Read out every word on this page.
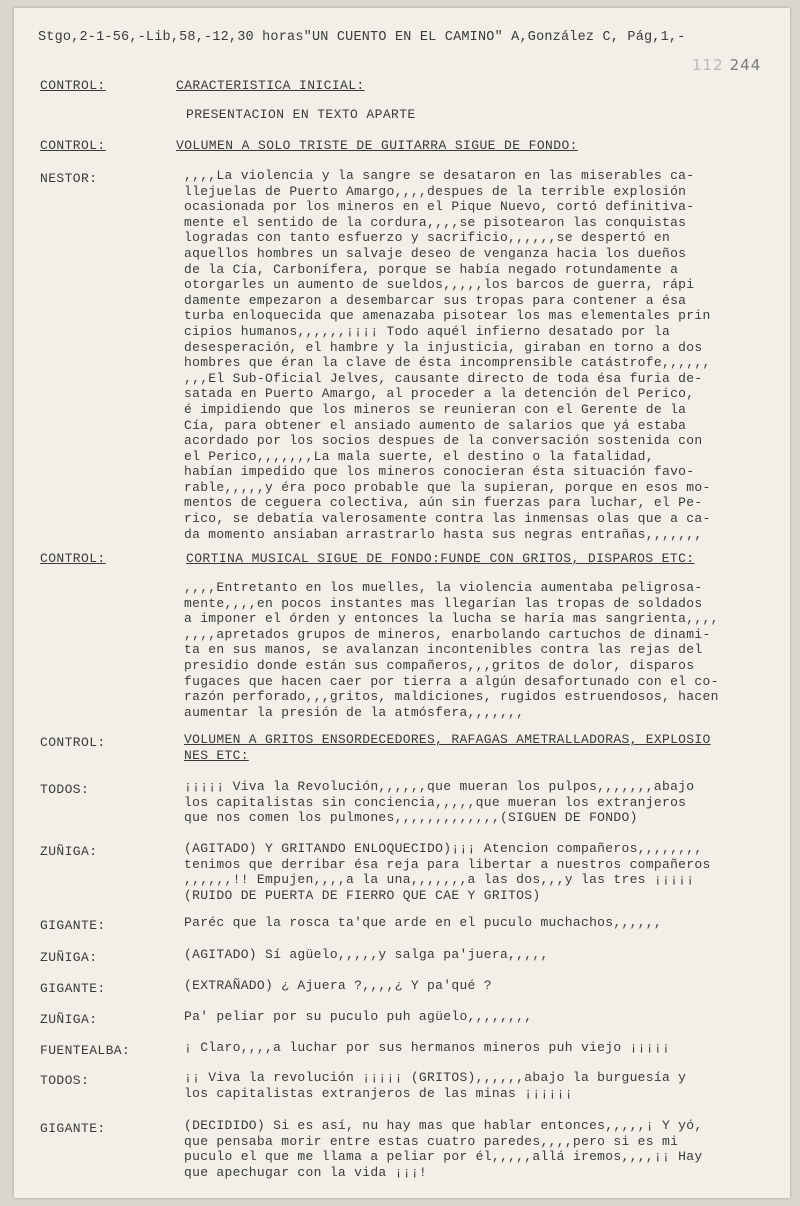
Stgo,2-1-56,-Lib,58,-12,30 horas"UN CUENTO EN EL CAMINO" A,González C, Pág,1,-
112 244
CONTROL:	CARACTERISTICA INICIAL:
PRESENTACION EN TEXTO APARTE
CONTROL:	VOLUMEN A SOLO TRISTE DE GUITARRA SIGUE DE FONDO:
NESTOR:	,,,,La violencia y la sangre se desataron en las miserables ca-
llejuelas de Puerto Amargo,,,,despues de la terrible explosión
ocasionada por los mineros en el Pique Nuevo, cortó definitiva-
mente el sentido de la cordura,,,,se pisotearon las conquistas
logradas con tanto esfuerzo y sacrificio,,,,,,se despertó en
aquellos hombres un salvaje deseo de venganza hacia los dueños
de la Cía, Carbonífera, porque se había negado rotundamente a
otorgarles un aumento de sueldos,,,,,los barcos de guerra, rápi
damente empezaron a desembarcar sus tropas para contener a ésa
turba enloquecida que amenazaba pisotear los mas elementales prin
cipios humanos,,,,,,¡¡¡¡ Todo aquél infierno desatado por la
desesperación, el hambre y la injusticia, giraban en torno a dos
hombres que éran la clave de ésta incomprensible catástrofe,,,,,,
,,,El Sub-Oficial Jelves, causante directo de toda ésa furia de-
satada en Puerto Amargo, al proceder a la detención del Perico,
é impidiendo que los mineros se reunieran con el Gerente de la
Cía, para obtener el ansiado aumento de salarios que yá estaba
acordado por los socios despues de la conversación sostenida con
el Perico,,,,,,,La mala suerte, el destino o la fatalidad,
habían impedido que los mineros conocieran ésta situación favo-
rable,,,,,y éra poco probable que la supieran, porque en esos mo-
mentos de ceguera colectiva, aún sin fuerzas para luchar, el Pe-
rico, se debatía valerosamente contra las inmensas olas que a ca-
da momento ansiaban arrastrarlo hasta sus negras entrañas,,,,,,,
CONTROL:	CORTINA MUSICAL SIGUE DE FONDO:FUNDE CON GRITOS, DISPAROS ETC:
,,,,Entretanto en los muelles, la violencia aumentaba peligrosa-
mente,,,,en pocos instantes mas llegarían las tropas de soldados
a imponer el órden y entonces la lucha se haría mas sangrienta,,,,
,,,,apretados grupos de mineros, enarbolando cartuchos de dinami-
ta en sus manos, se avalanzan incontenibles contra las rejas del
presidio donde están sus compañeros,,,gritos de dolor, disparos
fugaces que hacen caer por tierra a algún desafortunado con el co-
razón perforado,,,gritos, maldiciones, rugidos estruendosos, hacen
aumentar la presión de la atmósfera,,,,,,,
CONTROL:	VOLUMEN A GRITOS ENSORDECEDORES, RAFAGAS AMETRALLADORAS, EXPLOSIO
NES ETC:
TODOS:	¡¡¡¡¡ Viva la Revolución,,,,,,que mueran los pulpos,,,,,,,abajo
los capitalistas sin conciencia,,,,,que mueran los extranjeros
que nos comen los pulmones,,,,,,,,,,,,,(SIGUEN DE FONDO)
ZUÑIGA:	(AGITADO) Y GRITANDO ENLOQUECIDO)¡¡¡ Atencion compañeros,,,,,,,,
tenimos que derribar ésa reja para libertar a nuestros compañeros
,,,,,,!! Empujen,,,,a la una,,,,,,,a las dos,,,y las tres ¡¡¡¡¡
(RUIDO DE PUERTA DE FIERRO QUE CAE Y GRITOS)
GIGANTE:	Paréc que la rosca ta'que arde en el puculo muchachos,,,,,,
ZUÑIGA:	(AGITADO) Sí agüelo,,,,,y salga pa'juera,,,,,
GIGANTE:	(EXTRAÑADO) ¿ Ajuera ?,,,,¿ Y pa'qué ?
ZUÑIGA:	Pa' peliar por su puculo puh agüelo,,,,,,,,
FUENTEALBA:	¡ Claro,,,,a luchar por sus hermanos mineros puh viejo ¡¡¡¡¡
TODOS:	¡¡ Viva la revolución ¡¡¡¡¡ (GRITOS),,,,,,abajo la burguesía y
los capitalistas extranjeros de las minas ¡¡¡¡¡¡
GIGANTE:	(DECIDIDO) Si es así, nu hay mas que hablar entonces,,,,,¡ Y yó,
que pensaba morir entre estas cuatro paredes,,,,pero si es mi
puculo el que me llama a peliar por él,,,,,allá iremos,,,,¡¡ Hay
que apechugar con la vida ¡¡¡!
